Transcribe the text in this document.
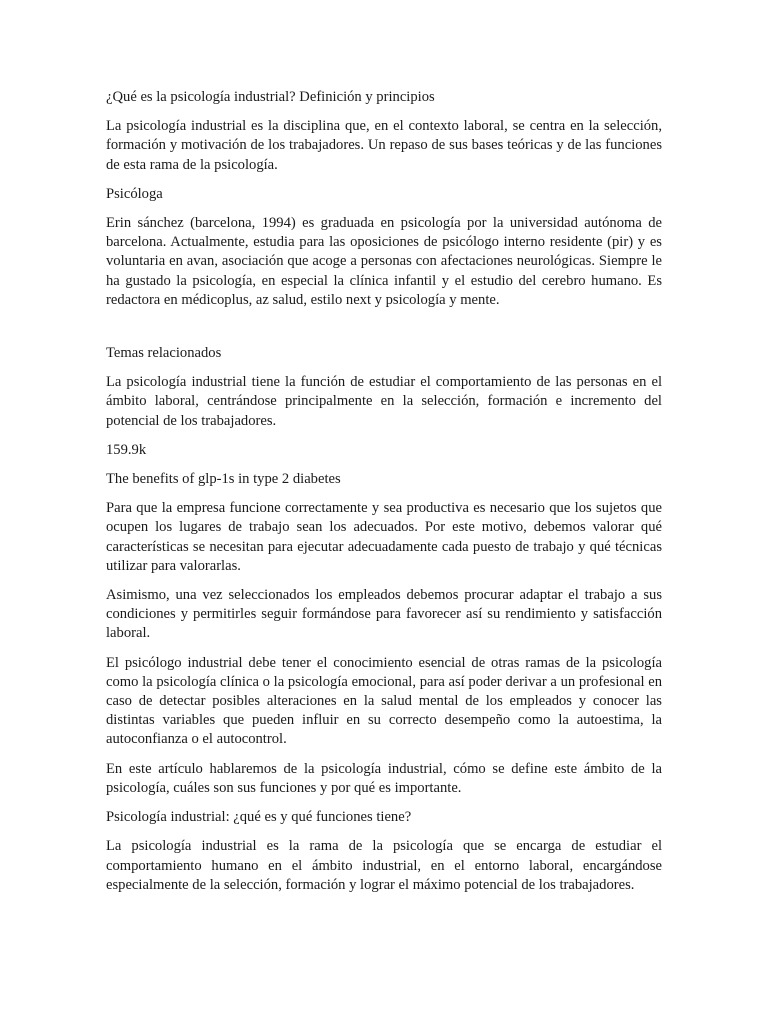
¿Qué es la psicología industrial? Definición y principios

La psicología industrial es la disciplina que, en el contexto laboral, se centra en la selección, formación y motivación de los trabajadores. Un repaso de sus bases teóricas y de las funciones de esta rama de la psicología.

Psicóloga

Erin sánchez (barcelona, 1994) es graduada en psicología por la universidad autónoma de barcelona. Actualmente, estudia para las oposiciones de psicólogo interno residente (pir) y es voluntaria en avan, asociación que acoge a personas con afectaciones neurológicas. Siempre le ha gustado la psicología, en especial la clínica infantil y el estudio del cerebro humano. Es redactora en médicoplus, az salud, estilo next y psicología y mente.

Temas relacionados

La psicología industrial tiene la función de estudiar el comportamiento de las personas en el ámbito laboral, centrándose principalmente en la selección, formación e incremento del potencial de los trabajadores.

159.9k

The benefits of glp-1s in type 2 diabetes

Para que la empresa funcione correctamente y sea productiva es necesario que los sujetos que ocupen los lugares de trabajo sean los adecuados. Por este motivo, debemos valorar qué características se necesitan para ejecutar adecuadamente cada puesto de trabajo y qué técnicas utilizar para valorarlas.

Asimismo, una vez seleccionados los empleados debemos procurar adaptar el trabajo a sus condiciones y permitirles seguir formándose para favorecer así su rendimiento y satisfacción laboral.

El psicólogo industrial debe tener el conocimiento esencial de otras ramas de la psicología como la psicología clínica o la psicología emocional, para así poder derivar a un profesional en caso de detectar posibles alteraciones en la salud mental de los empleados y conocer las distintas variables que pueden influir en su correcto desempeño como la autoestima, la autoconfianza o el autocontrol.

En este artículo hablaremos de la psicología industrial, cómo se define este ámbito de la psicología, cuáles son sus funciones y por qué es importante.

Psicología industrial: ¿qué es y qué funciones tiene?

La psicología industrial es la rama de la psicología que se encarga de estudiar el comportamiento humano en el ámbito industrial, en el entorno laboral, encargándose especialmente de la selección, formación y lograr el máximo potencial de los trabajadores.
